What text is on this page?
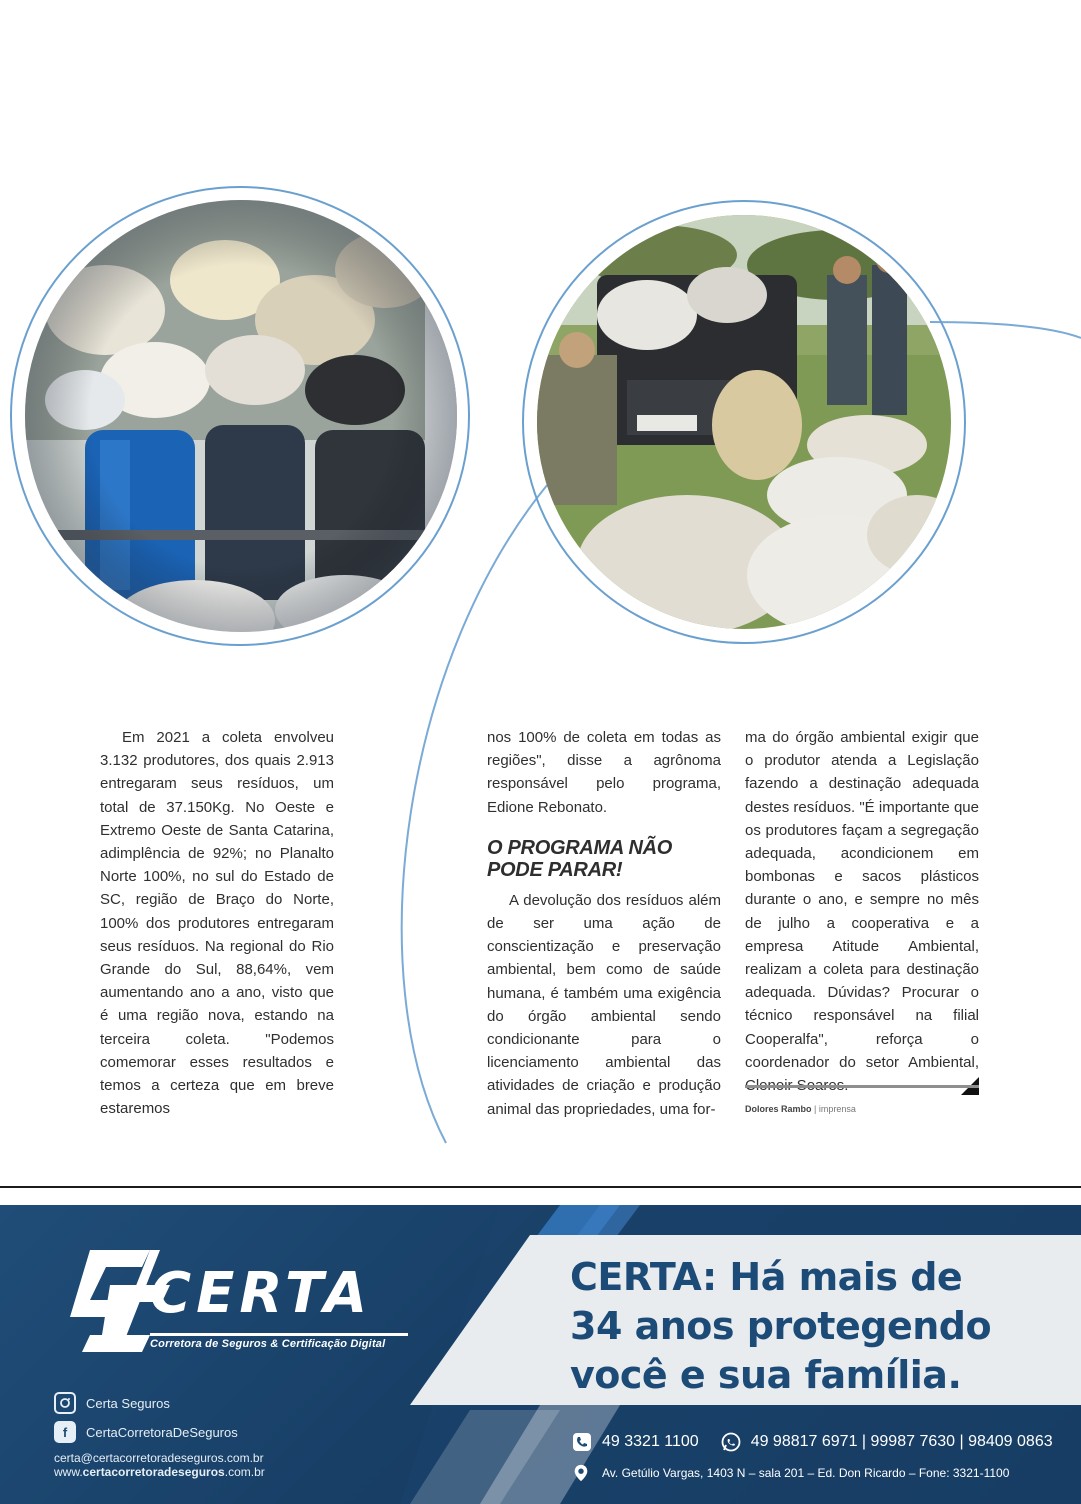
Em 2021 a coleta envolveu 3.132 produtores, dos quais 2.913 entregaram seus resíduos, um total de 37.150Kg. No Oeste e Extremo Oeste de Santa Catarina, adimplência de 92%; no Planalto Norte 100%, no sul do Estado de SC, região de Braço do Norte, 100% dos produtores entregaram seus resíduos. Na regional do Rio Grande do Sul, 88,64%, vem aumentando ano a ano, visto que é uma região nova, estando na terceira coleta. "Podemos comemorar esses resultados e temos a certeza que em breve estaremos

nos 100% de coleta em todas as regiões", disse a agrônoma responsável pelo programa, Edione Rebonato.

O PROGRAMA NÃO PODE PARAR!

A devolução dos resíduos além de ser uma ação de conscientização e preservação ambiental, bem como de saúde humana, é também uma exigência do órgão ambiental sendo condicionante para o licenciamento ambiental das atividades de criação e produção animal das propriedades, uma for-

ma do órgão ambiental exigir que o produtor atenda a Legislação fazendo a destinação adequada destes resíduos. "É importante que os produtores façam a segregação adequada, acondicionem em bombonas e sacos plásticos durante o ano, e sempre no mês de julho a cooperativa e a empresa Atitude Ambiental, realizam a coleta para destinação adequada. Dúvidas? Procurar o técnico responsável na filial Cooperalfa", reforça o coordenador do setor Ambiental,

Dolores Rambo | imprensa
CERTA
Corretora de Seguros & Certificação Digital
CERTA: Há mais de
34 anos protegendo
você e sua família.
Certa Seguros
f	CertaCorretoraDeSeguros
certa@certacorretoradeseguros.com.br
www.certacorretoradeseguros.com.br
49 3321 1100	49 98817 6971 | 99987 7630 | 98409 0863
Av. Getúlio Vargas, 1403 N – sala 201 – Ed. Don Ricardo – Fone: 3321-1100
